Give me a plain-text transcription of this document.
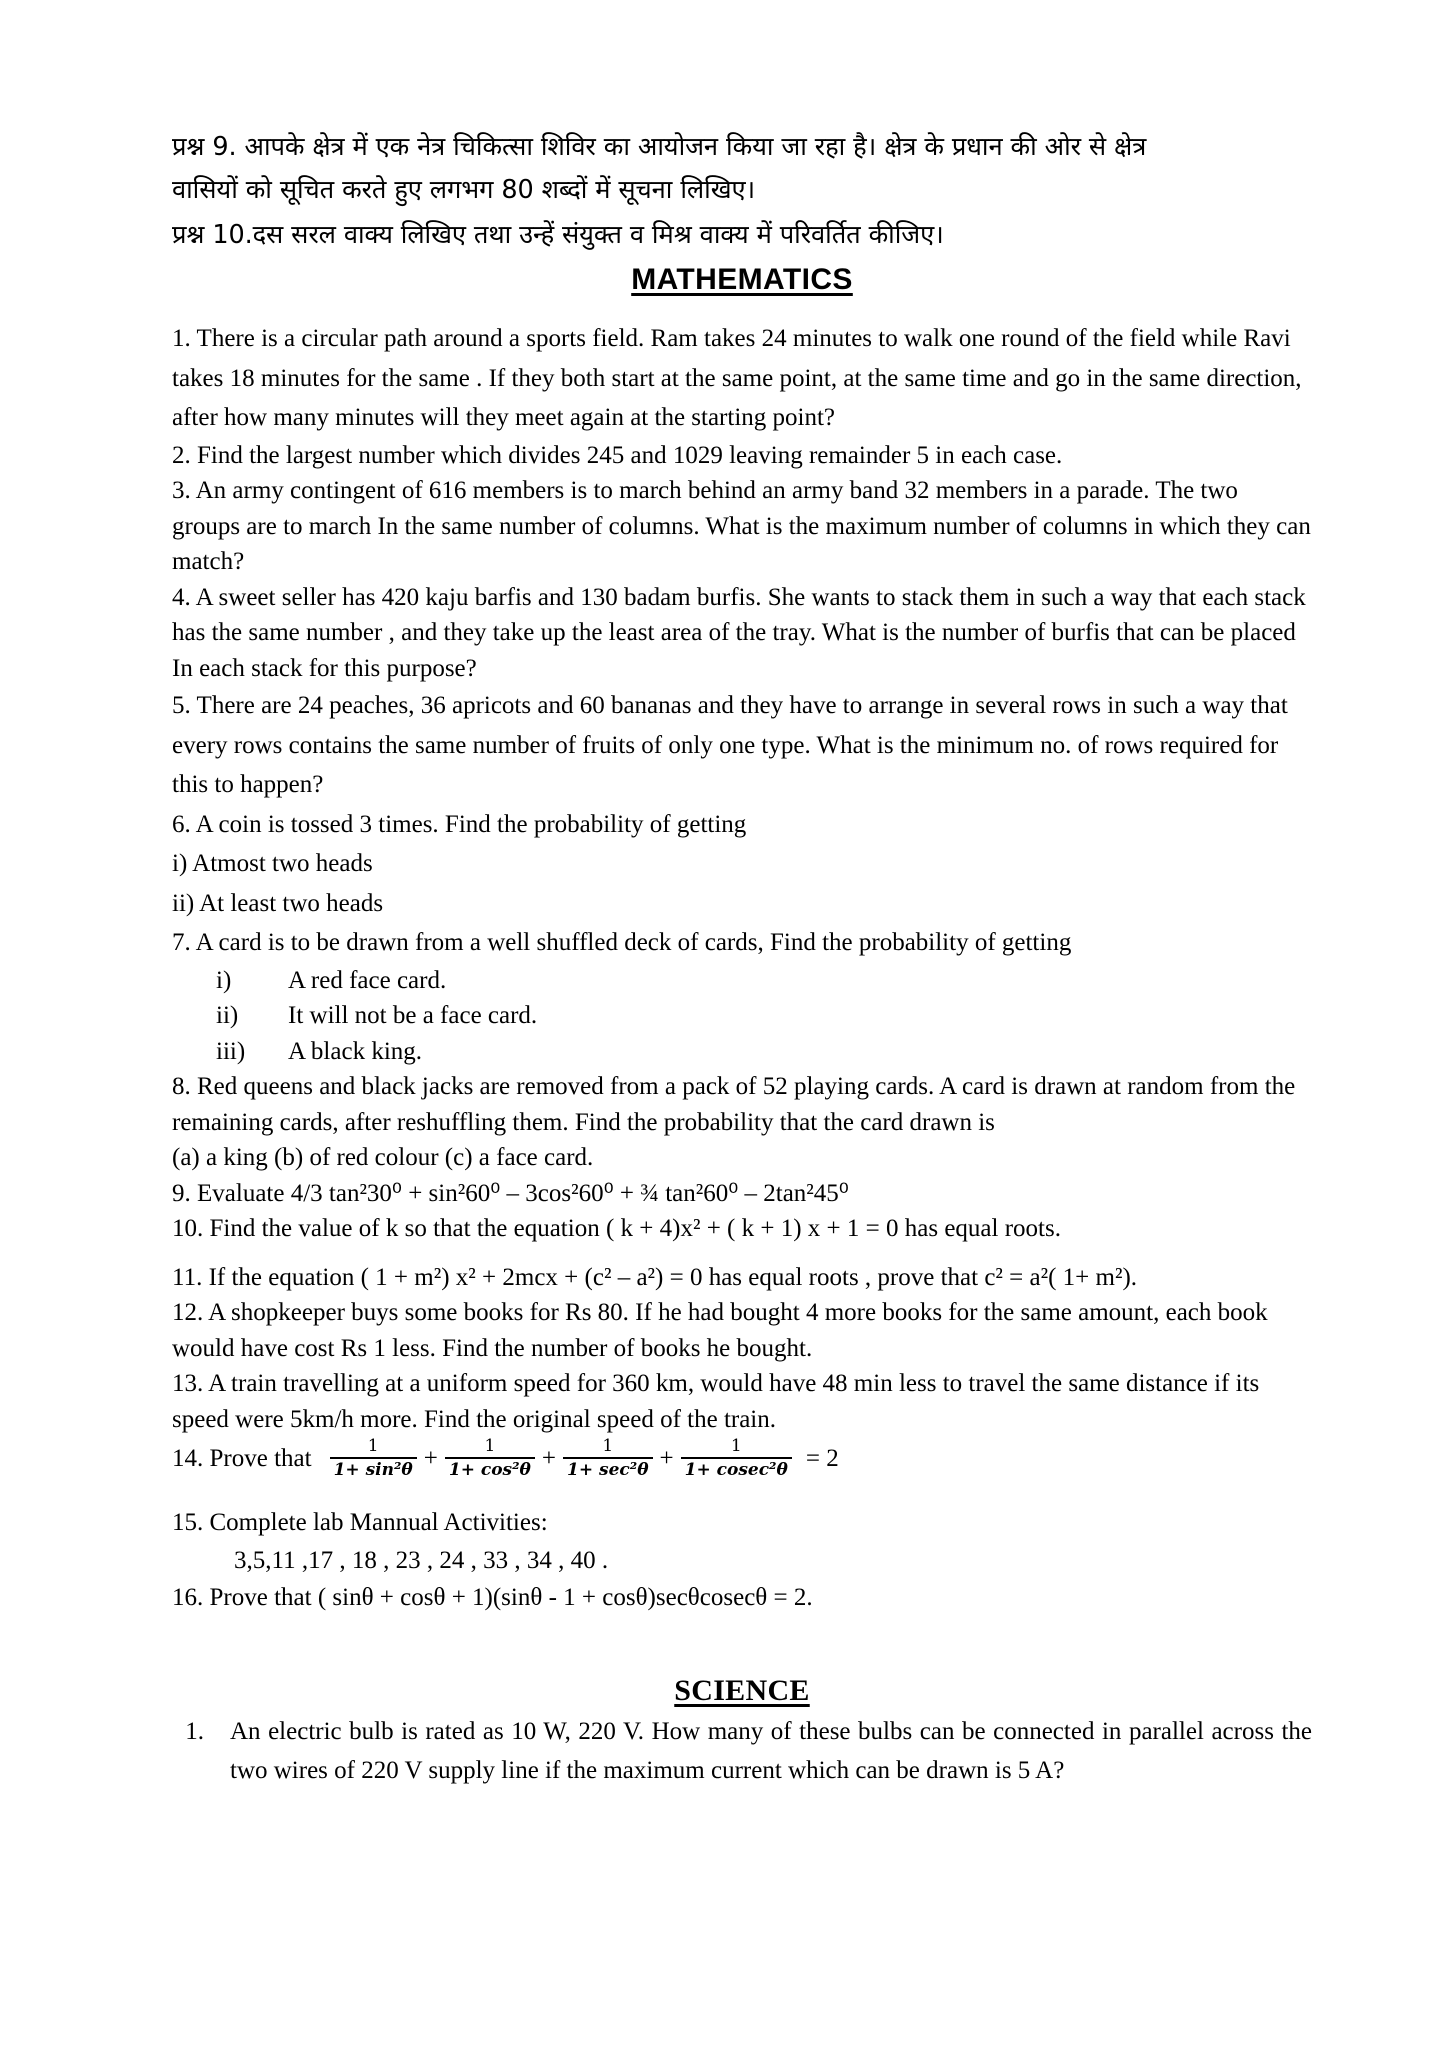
प्रश्न 9. आपके क्षेत्र में एक नेत्र चिकित्सा शिविर का आयोजन किया जा रहा है। क्षेत्र के प्रधान की ओर से क्षेत्र
वासियों को सूचित करते हुए लगभग 80 शब्दों में सूचना लिखिए।
प्रश्न 10.दस सरल वाक्य लिखिए तथा उन्हें संयुक्त व मिश्र वाक्य में परिवर्तित कीजिए।
MATHEMATICS

1. There is a circular path around a sports field. Ram takes 24 minutes to walk one round of the field while Ravi takes 18 minutes for the same . If they both start at the same point, at the same time and go in the same direction, after how many minutes will they meet again at the starting point?

2. Find the largest number which divides 245 and 1029 leaving remainder 5 in each case.

3. An army contingent of 616 members is to march behind an army band 32 members in a parade. The two groups are to march In the same number of columns. What is the maximum number of columns in which they can match?

4. A sweet seller has 420 kaju barfis and 130 badam burfis. She wants to stack them in such a way that each stack has the same number , and they take up the least area of the tray. What is the number of burfis that can be placed In each stack for this purpose?

5. There are 24 peaches, 36 apricots and 60 bananas and they have to arrange in several rows in such a way that every rows contains the same number of fruits of only one type. What is the minimum no. of rows required for this to happen?

6. A coin is tossed 3 times. Find the probability of getting

i) Atmost two heads

ii) At least two heads

7. A card is to be drawn from a well shuffled deck of cards, Find the probability of getting

i)	A red face card.
ii)	It will not be a face card.
iii)	A black king.

8. Red queens and black jacks are removed from a pack of 52 playing cards. A card is drawn at random from the remaining cards, after reshuffling them. Find the probability that the card drawn is

(a) a king (b) of red colour (c) a face card.

9. Evaluate 4/3 tan²30⁰ + sin²60⁰ – 3cos²60⁰ + ¾ tan²60⁰ – 2tan²45⁰

10. Find the value of k so that the equation ( k + 4)x² + ( k + 1) x + 1 = 0 has equal roots.

11. If the equation ( 1 + m²) x² + 2mcx + (c² – a²) = 0 has equal roots , prove that c² = a²( 1+ m²).

12. A shopkeeper buys some books for Rs 80. If he had bought 4 more books for the same amount, each book would have cost Rs 1 less. Find the number of books he bought.

13. A train travelling at a uniform speed for 360 km, would have 48 min less to travel the same distance if its speed were 5km/h more. Find the original speed of the train.

14. Prove that $\frac{1}{\text{1+ sin²θ}} + \frac{1}{\text{1+ cos²θ}} + \frac{1}{\text{1+ sec²θ}} + \frac{1}{\text{1+ cosec²θ}} = 2$

15. Complete lab Mannual Activities:

3,5,11 ,17 , 18 , 23 , 24 , 33 , 34 , 40 .

16. Prove that ( sinθ + cosθ + 1)(sinθ - 1 + cosθ)secθcosecθ = 2.

SCIENCE
1.	An electric bulb is rated as 10 W, 220 V. How many of these bulbs can be connected in parallel across the two wires of 220 V supply line if the maximum current which can be drawn is 5 A?
